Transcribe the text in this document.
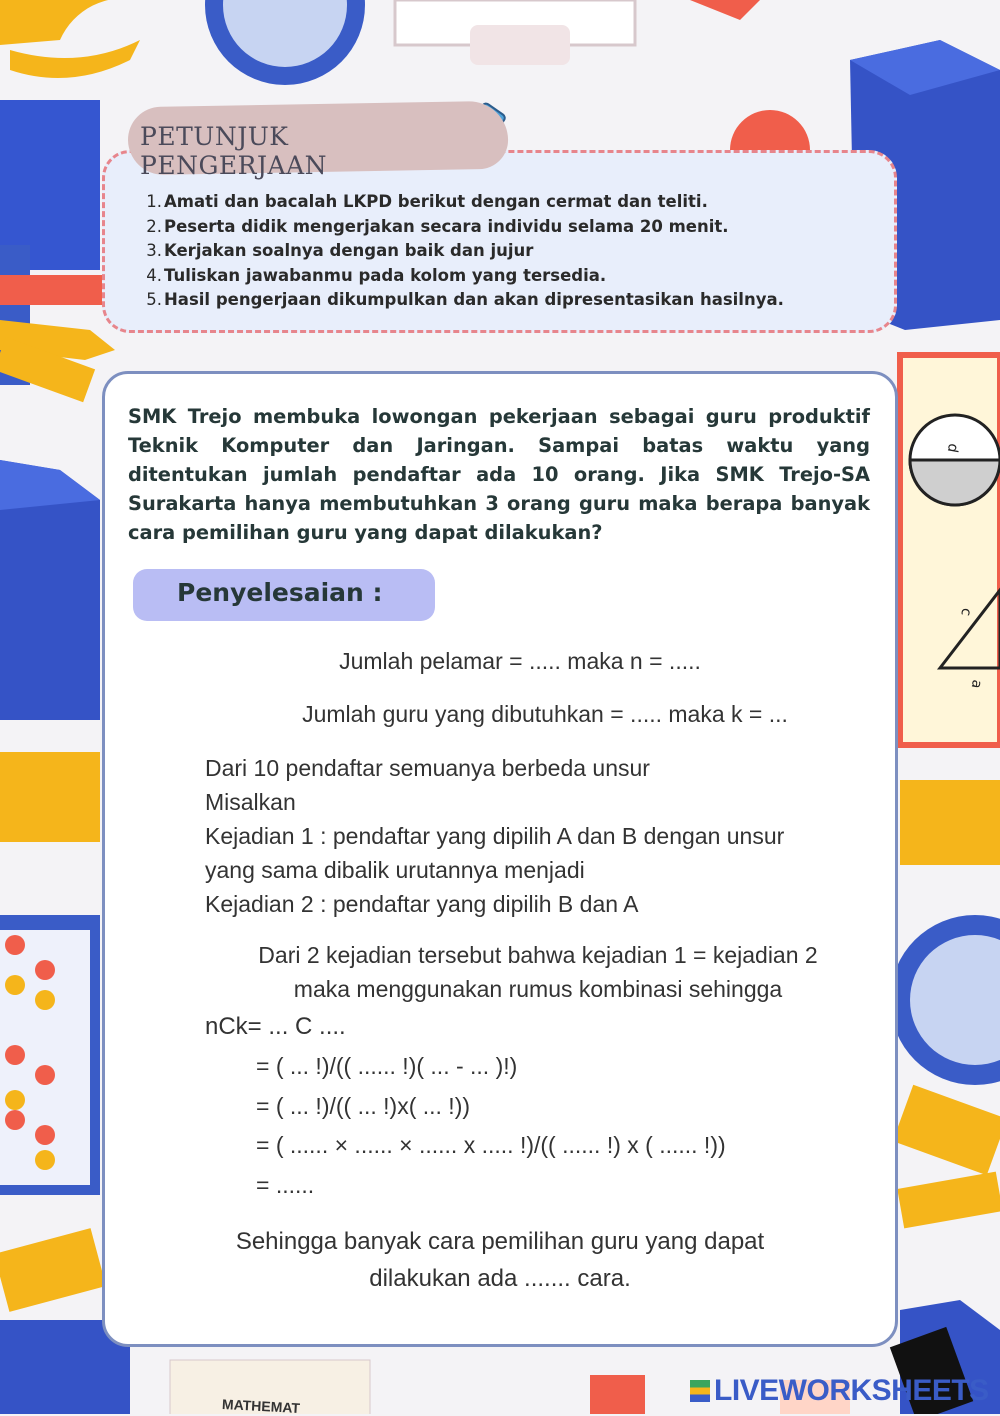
d
c
a
PETUNJUK PENGERJAAN
1. Amati dan bacalah LKPD berikut dengan cermat dan teliti.
2. Peserta didik mengerjakan secara individu selama 20 menit.
3. Kerjakan soalnya dengan baik dan jujur
4. Tuliskan jawabanmu pada kolom yang tersedia.
5. Hasil pengerjaan dikumpulkan dan akan dipresentasikan hasilnya.
SMK Trejo membuka lowongan pekerjaan sebagai guru produktif Teknik Komputer dan Jaringan. Sampai batas waktu yang ditentukan jumlah pendaftar ada 10 orang. Jika SMK Trejo-SA Surakarta hanya membutuhkan 3 orang guru maka berapa banyak cara pemilihan guru yang dapat dilakukan?
Penyelesaian :
Jumlah pelamar = ..... maka n = .....
Jumlah guru yang dibutuhkan = ..... maka k = ...
Dari 10 pendaftar semuanya berbeda unsur
Misalkan
Kejadian 1 : pendaftar yang dipilih A dan B dengan unsur
yang sama dibalik urutannya menjadi
Kejadian 2 : pendaftar yang dipilih B dan A
Dari 2 kejadian tersebut bahwa kejadian 1 = kejadian 2
maka menggunakan rumus kombinasi sehingga
nCk= ... C ....
= ( ... !)/(( ...... !)( ... - ... )!)
= ( ... !)/(( ... !)x( ... !))
= ( ...... × ...... × ...... x ..... !)/(( ...... !) x ( ...... !))
= ......
Sehingga banyak cara pemilihan guru yang dapat
dilakukan ada ....... cara.
MATHEMAT	LIVEWORKSHEETS
